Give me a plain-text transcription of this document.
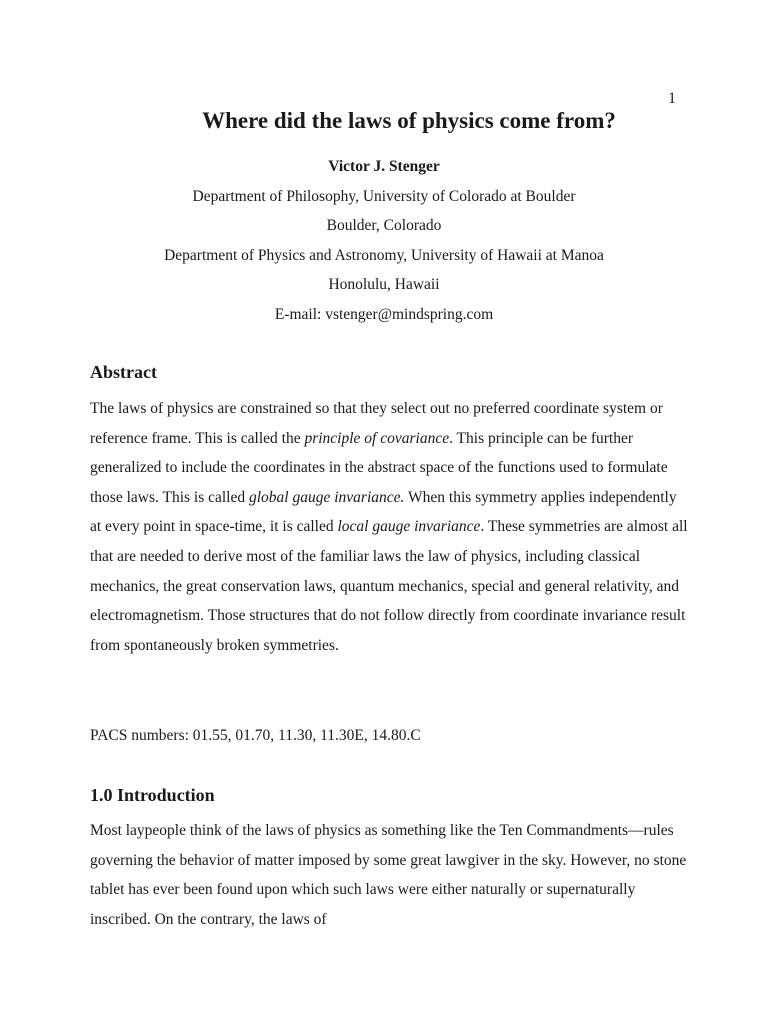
1
Where did the laws of physics come from?
Victor J. Stenger
Department of Philosophy, University of Colorado at Boulder
Boulder, Colorado
Department of Physics and Astronomy, University of Hawaii at Manoa
Honolulu, Hawaii
E-mail: vstenger@mindspring.com
Abstract

The laws of physics are constrained so that they select out no preferred coordinate system or reference frame. This is called the principle of covariance. This principle can be further generalized to include the coordinates in the abstract space of the functions used to formulate those laws. This is called global gauge invariance. When this symmetry applies independently at every point in space-time, it is called local gauge invariance. These symmetries are almost all that are needed to derive most of the familiar laws the law of physics, including classical mechanics, the great conservation laws, quantum mechanics, special and general relativity, and electromagnetism. Those structures that do not follow directly from coordinate invariance result from spontaneously broken symmetries.

PACS numbers: 01.55, 01.70, 11.30, 11.30E, 14.80.C

1.0 Introduction

Most laypeople think of the laws of physics as something like the Ten Commandments—rules governing the behavior of matter imposed by some great lawgiver in the sky. However, no stone tablet has ever been found upon which such laws were either naturally or supernaturally inscribed. On the contrary, the laws of
